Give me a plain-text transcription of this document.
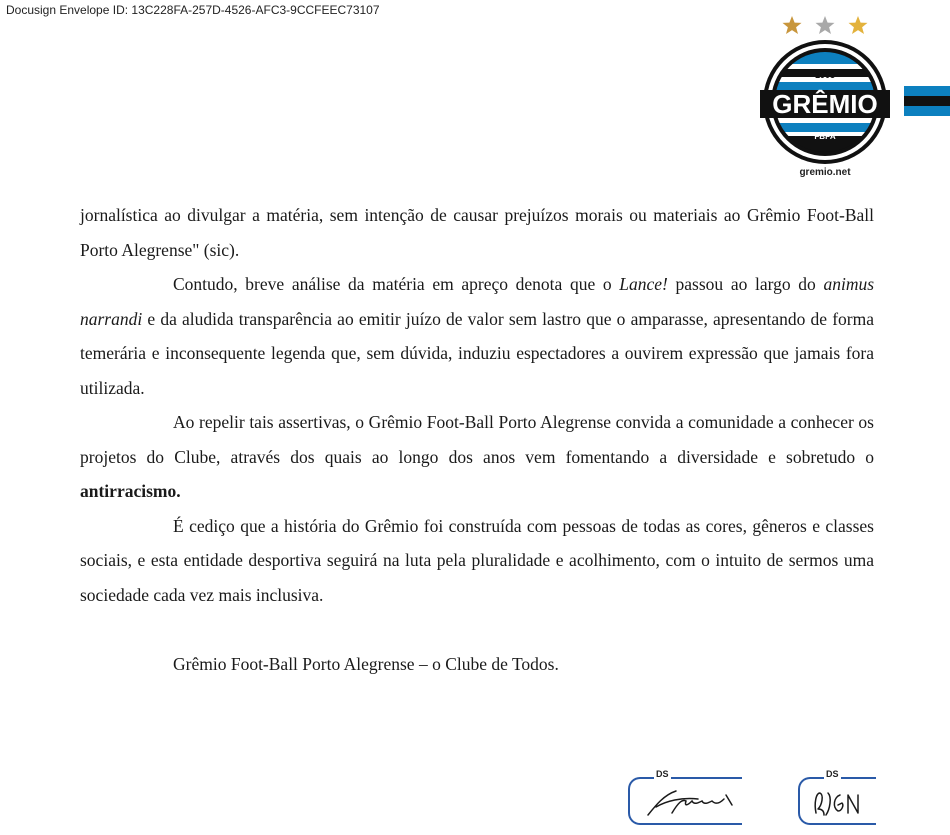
Docusign Envelope ID: 13C228FA-257D-4526-AFC3-9CCFEEC73107
1903
GRÊMIO
FBPA
gremio.net

jornalística ao divulgar a matéria, sem intenção de causar prejuízos morais ou materiais ao Grêmio Foot-Ball Porto Alegrense" (sic).

Contudo, breve análise da matéria em apreço denota que o Lance! passou ao largo do animus narrandi e da aludida transparência ao emitir juízo de valor sem lastro que o amparasse, apresentando de forma temerária e inconsequente legenda que, sem dúvida, induziu espectadores a ouvirem expressão que jamais fora utilizada.

Ao repelir tais assertivas, o Grêmio Foot-Ball Porto Alegrense convida a comunidade a conhecer os projetos do Clube, através dos quais ao longo dos anos vem fomentando a diversidade e sobretudo o antirracismo.

É cediço que a história do Grêmio foi construída com pessoas de todas as cores, gêneros e classes sociais, e esta entidade desportiva seguirá na luta pela pluralidade e acolhimento, com o intuito de sermos uma sociedade cada vez mais inclusiva.

Grêmio Foot-Ball Porto Alegrense – o Clube de Todos.
DS	DS
